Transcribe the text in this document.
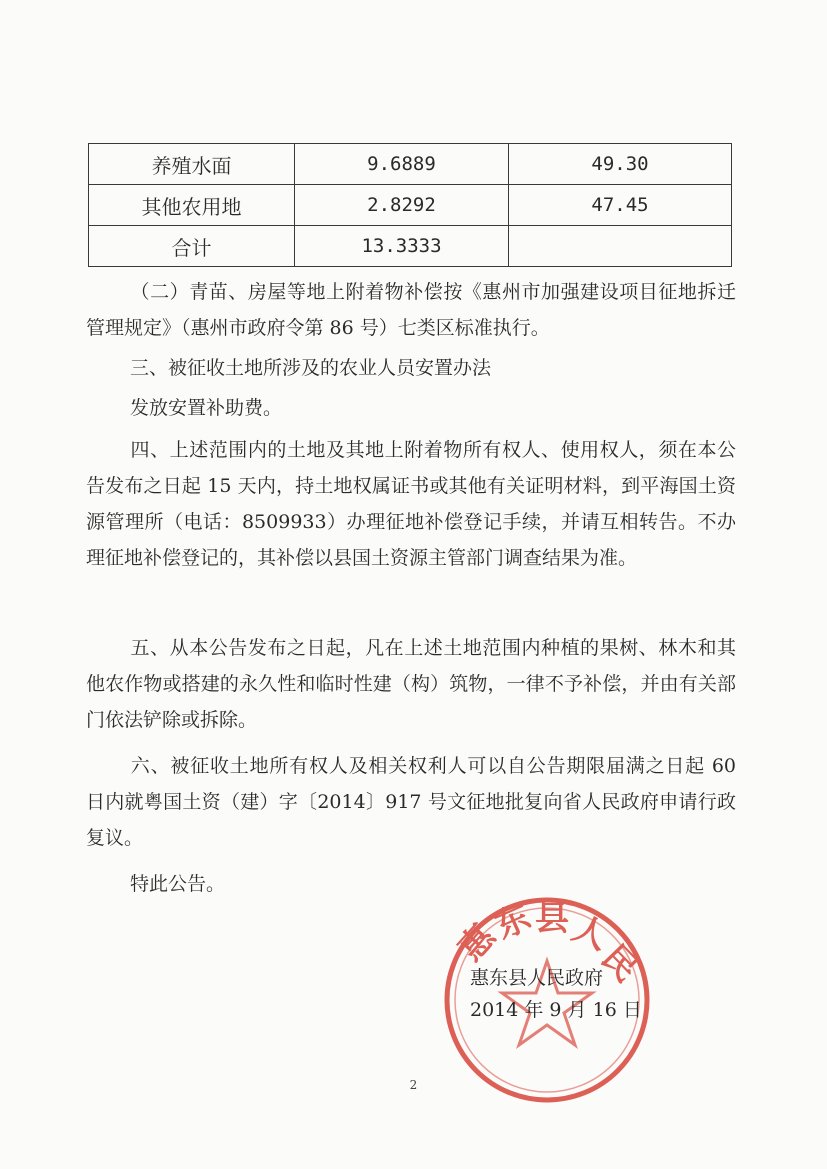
养殖水面	9.6889	49.30
其他农用地	2.8292	47.45
合计	13.3333	

（二）青苗、房屋等地上附着物补偿按《惠州市加强建设项目征地拆迁管理规定》（惠州市政府令第 86 号）七类区标准执行。

三、被征收土地所涉及的农业人员安置办法

发放安置补助费。

四、上述范围内的土地及其地上附着物所有权人、使用权人，须在本公告发布之日起 15 天内，持土地权属证书或其他有关证明材料，到平海国土资源管理所（电话：8509933）办理征地补偿登记手续，并请互相转告。不办理征地补偿登记的，其补偿以县国土资源主管部门调查结果为准。

五、从本公告发布之日起，凡在上述土地范围内种植的果树、林木和其他农作物或搭建的永久性和临时性建（构）筑物，一律不予补偿，并由有关部门依法铲除或拆除。

六、被征收土地所有权人及相关权利人可以自公告期限届满之日起 60 日内就粤国土资（建）字〔2014〕917 号文征地批复向省人民政府申请行政复议。

特此公告。

惠
东
县
人
民
惠东县人民政府
2014 年 9 月 16 日
2
